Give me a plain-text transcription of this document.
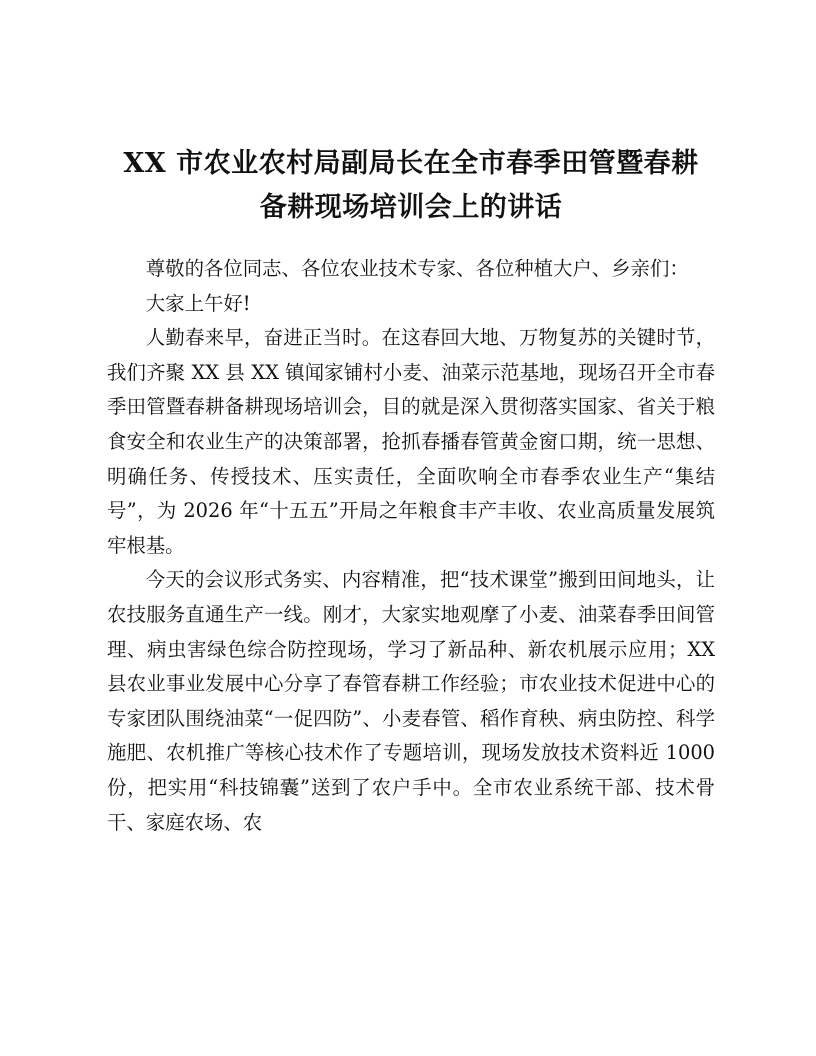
XX 市农业农村局副局长在全市春季田管暨春耕
备耕现场培训会上的讲话

尊敬的各位同志、各位农业技术专家、各位种植大户、乡亲们：

大家上午好!

人勤春来早，奋进正当时。在这春回大地、万物复苏的关键时节，我们齐聚 XX 县 XX 镇闻家铺村小麦、油菜示范基地，现场召开全市春季田管暨春耕备耕现场培训会，目的就是深入贯彻落实国家、省关于粮食安全和农业生产的决策部署，抢抓春播春管黄金窗口期，统一思想、明确任务、传授技术、压实责任，全面吹响全市春季农业生产“集结号”，为 2026 年“十五五”开局之年粮食丰产丰收、农业高质量发展筑牢根基。

今天的会议形式务实、内容精准，把“技术课堂”搬到田间地头，让农技服务直通生产一线。刚才，大家实地观摩了小麦、油菜春季田间管理、病虫害绿色综合防控现场，学习了新品种、新农机展示应用；XX 县农业事业发展中心分享了春管春耕工作经验；市农业技术促进中心的专家团队围绕油菜“一促四防”、小麦春管、稻作育秧、病虫防控、科学施肥、农机推广等核心技术作了专题培训，现场发放技术资料近 1000 份，把实用“科技锦囊”送到了农户手中。全市农业系统干部、技术骨干、家庭农场、农
